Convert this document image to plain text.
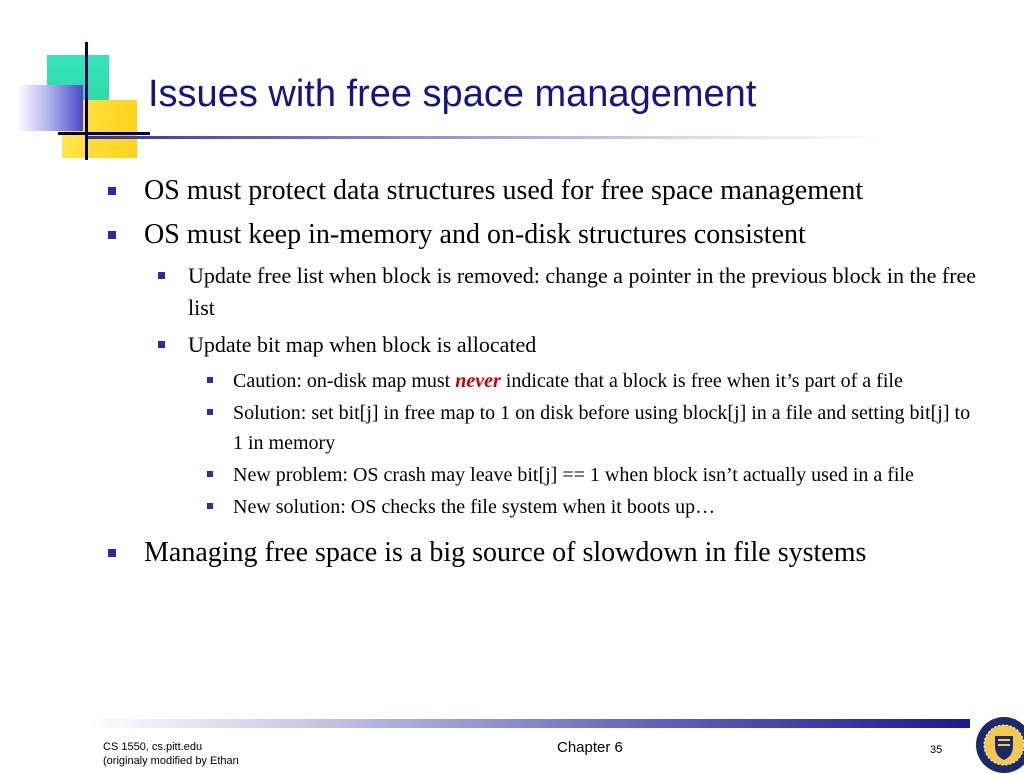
Issues with free space management
OS must protect data structures used for free space management
OS must keep in-memory and on-disk structures consistent
Update free list when block is removed: change a pointer in the previous block in the free list
Update bit map when block is allocated
Caution: on-disk map must never indicate that a block is free when it’s part of a file
Solution: set bit[j] in free map to 1 on disk before using block[j] in a file and setting bit[j] to 1 in memory
New problem: OS crash may leave bit[j] == 1 when block isn’t actually used in a file
New solution: OS checks the file system when it boots up…
Managing free space is a big source of slowdown in file systems
CS 1550, cs.pitt.edu
(originaly modified by Ethan
Chapter 6	35
